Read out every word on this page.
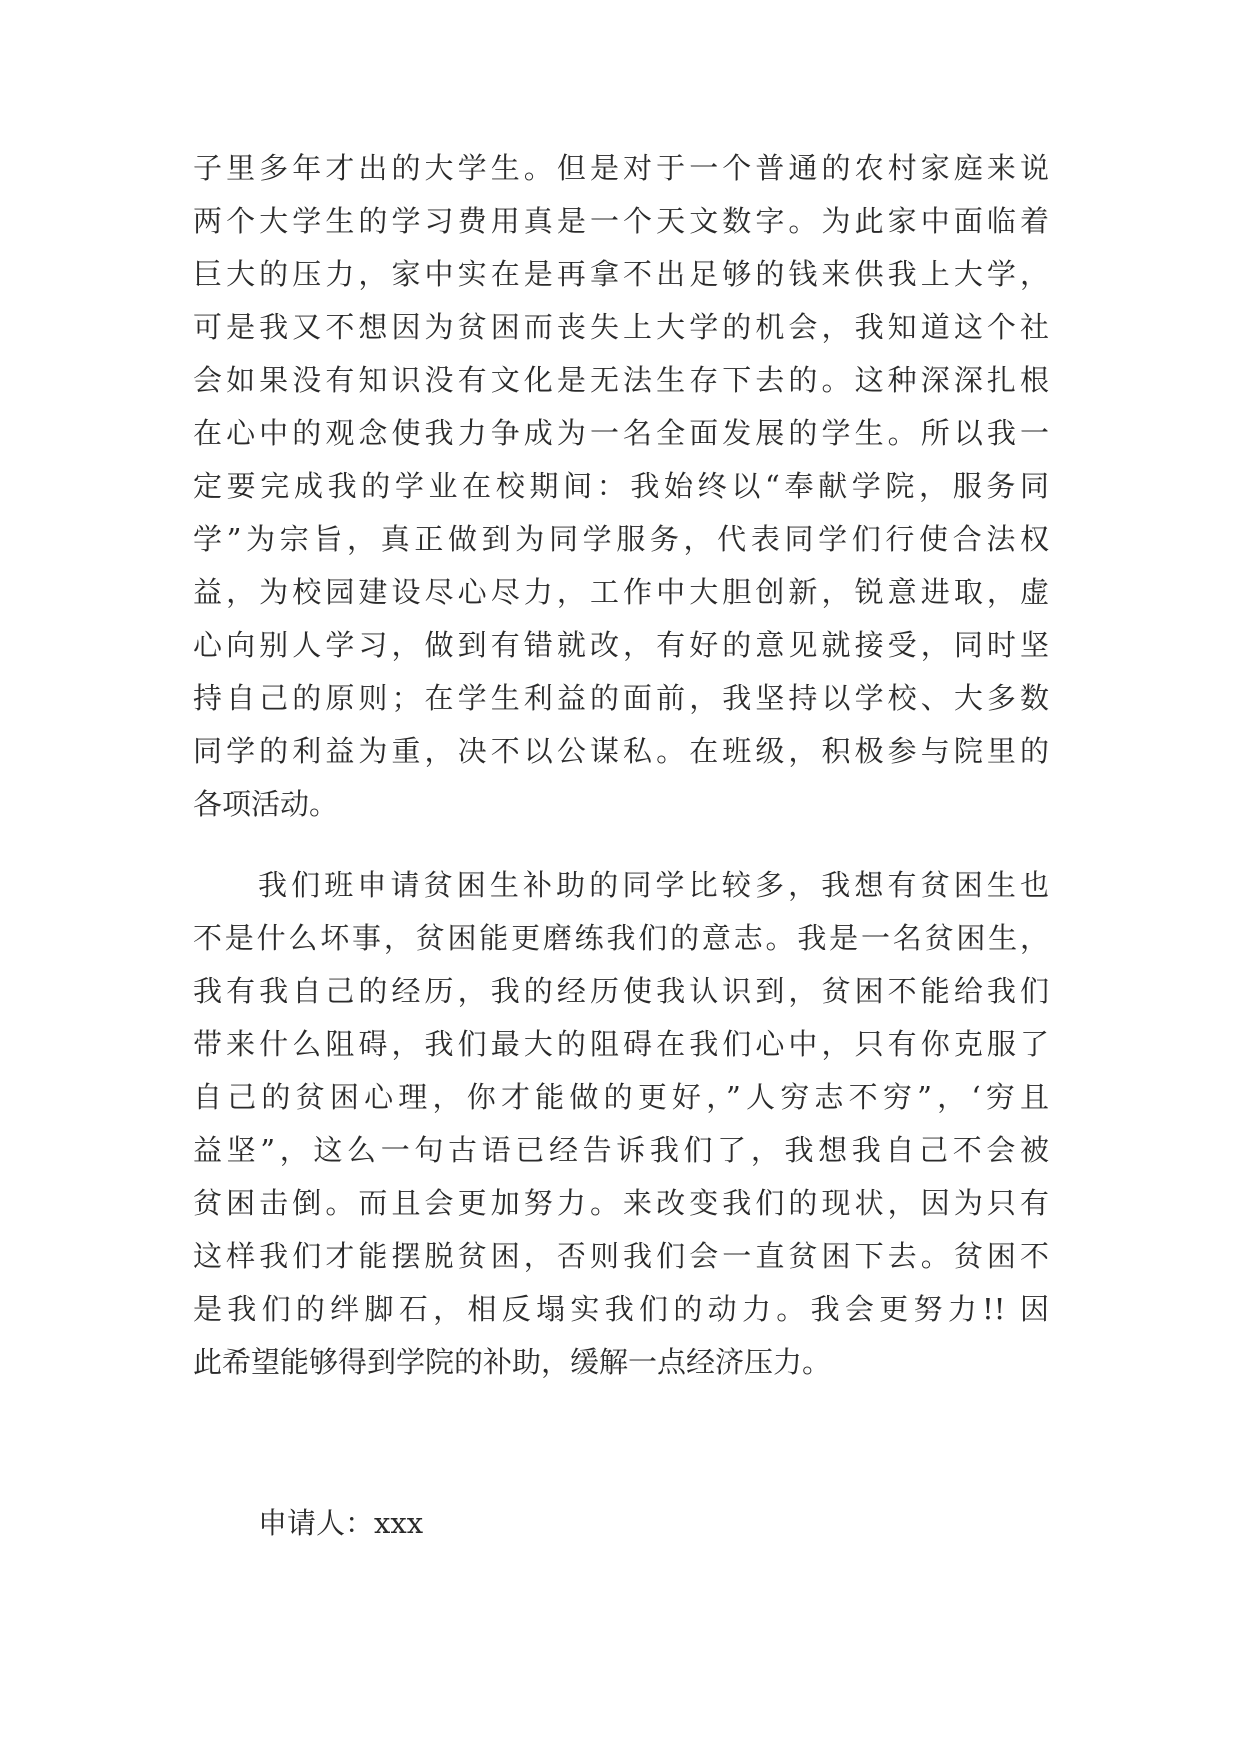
子里多年才出的大学生。但是对于一个普通的农村家庭来说
两个大学生的学习费用真是一个天文数字。为此家中面临着
巨大的压力，家中实在是再拿不出足够的钱来供我上大学，
可是我又不想因为贫困而丧失上大学的机会，我知道这个社
会如果没有知识没有文化是无法生存下去的。这种深深扎根
在心中的观念使我力争成为一名全面发展的学生。所以我一
定要完成我的学业在校期间：我始终以“奉献学院，服务同
学”为宗旨，真正做到为同学服务，代表同学们行使合法权
益，为校园建设尽心尽力，工作中大胆创新，锐意进取，虚
心向别人学习，做到有错就改，有好的意见就接受，同时坚
持自己的原则；在学生利益的面前，我坚持以学校、大多数
同学的利益为重，决不以公谋私。在班级，积极参与院里的
各项活动。
我们班申请贫困生补助的同学比较多，我想有贫困生也
不是什么坏事，贫困能更磨练我们的意志。我是一名贫困生，
我有我自己的经历，我的经历使我认识到，贫困不能给我们
带来什么阻碍，我们最大的阻碍在我们心中，只有你克服了
自己的贫困心理，你才能做的更好，”人穷志不穷”，‘穷且
益坚”，这么一句古语已经告诉我们了，我想我自己不会被
贫困击倒。而且会更加努力。来改变我们的现状，因为只有
这样我们才能摆脱贫困，否则我们会一直贫困下去。贫困不
是我们的绊脚石，相反塌实我们的动力。我会更努力!! 因
此希望能够得到学院的补助，缓解一点经济压力。
申请人：xxx
